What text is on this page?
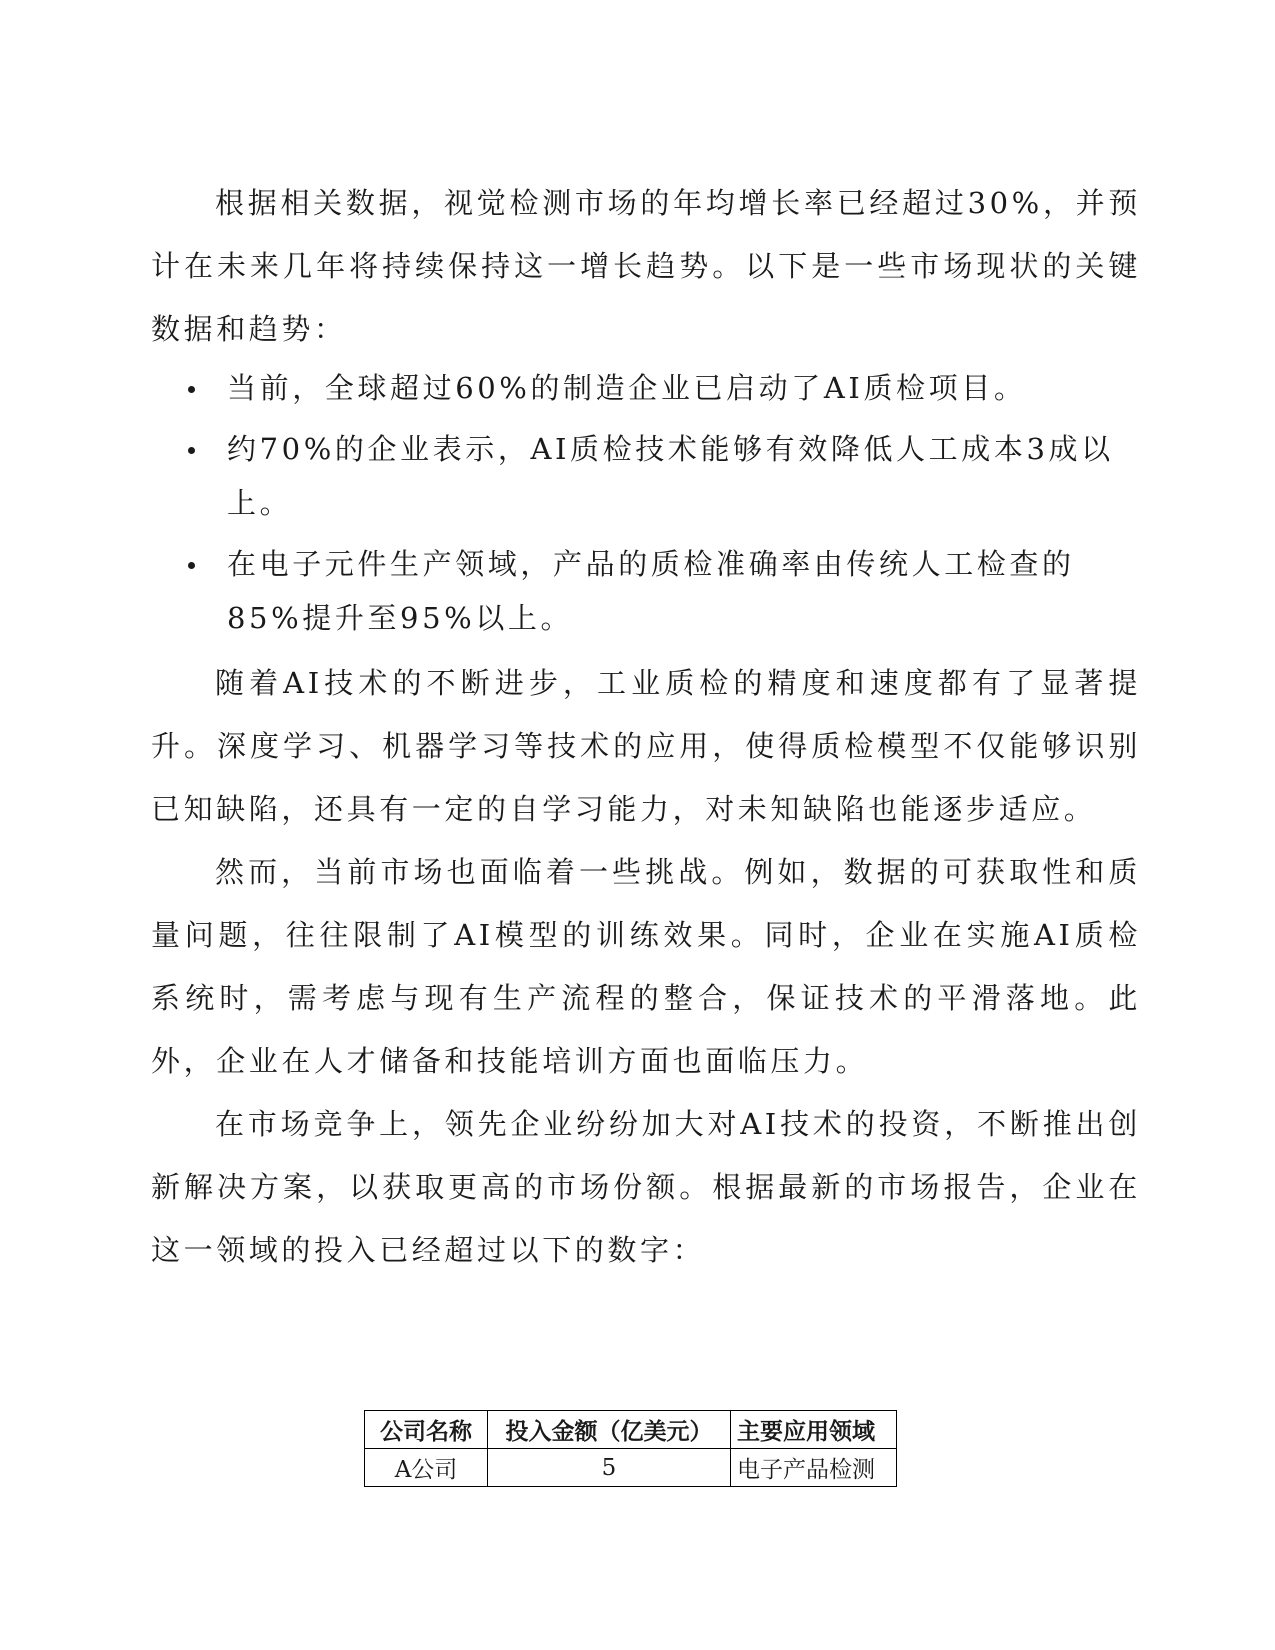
根据相关数据，视觉检测市场的年均增长率已经超过30%，并预计在未来几年将持续保持这一增长趋势。以下是一些市场现状的关键数据和趋势：

当前，全球超过60%的制造企业已启动了AI质检项目。
约70%的企业表示，AI质检技术能够有效降低人工成本3成以上。
在电子元件生产领域，产品的质检准确率由传统人工检查的85%提升至95%以上。

随着AI技术的不断进步，工业质检的精度和速度都有了显著提升。深度学习、机器学习等技术的应用，使得质检模型不仅能够识别已知缺陷，还具有一定的自学习能力，对未知缺陷也能逐步适应。

然而，当前市场也面临着一些挑战。例如，数据的可获取性和质量问题，往往限制了AI模型的训练效果。同时，企业在实施AI质检系统时，需考虑与现有生产流程的整合，保证技术的平滑落地。此外，企业在人才储备和技能培训方面也面临压力。

在市场竞争上，领先企业纷纷加大对AI技术的投资，不断推出创新解决方案，以获取更高的市场份额。根据最新的市场报告，企业在这一领域的投入已经超过以下的数字：

公司名称	投入金额（亿美元）	主要应用领域
A公司	5	电子产品检测
